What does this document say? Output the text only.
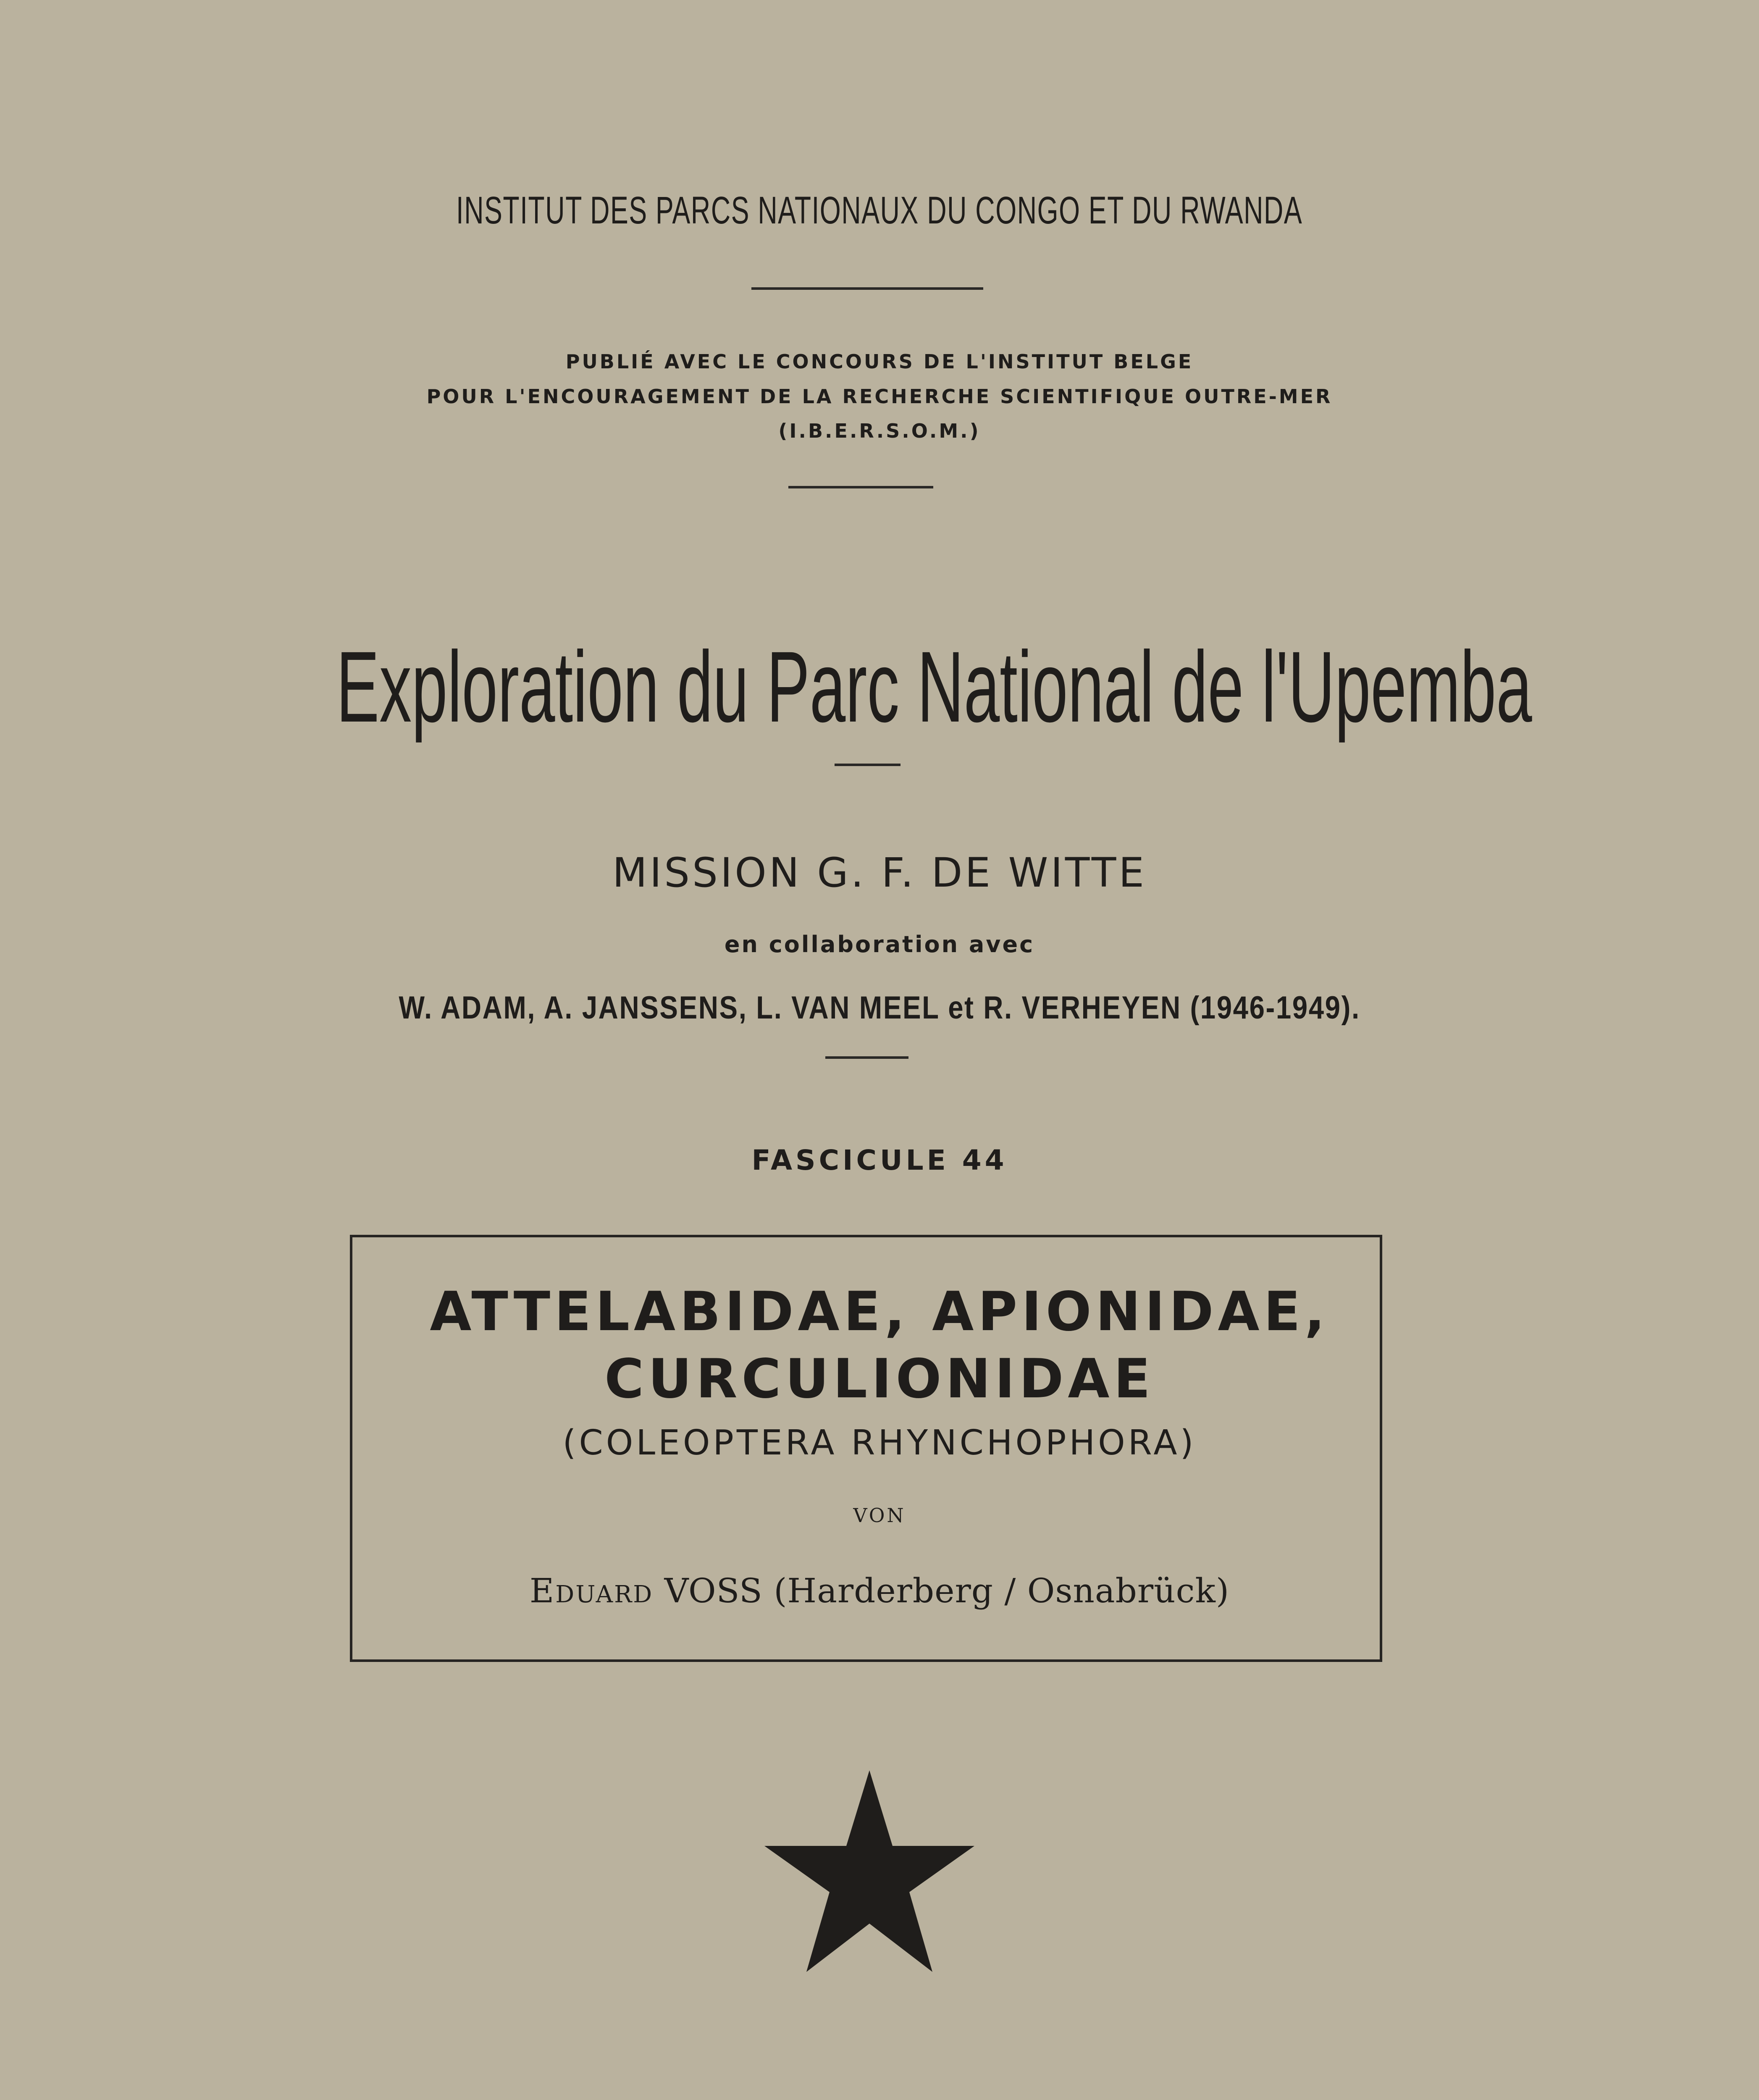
INSTITUT DES PARCS NATIONAUX DU CONGO ET DU RWANDA
PUBLIÉ AVEC LE CONCOURS DE L'INSTITUT BELGE
POUR L'ENCOURAGEMENT DE LA RECHERCHE SCIENTIFIQUE OUTRE-MER
(I.B.E.R.S.O.M.)
Exploration du Parc National de l'Upemba
MISSION G. F. DE WITTE
en collaboration avec
W. ADAM, A. JANSSENS, L. VAN MEEL et R. VERHEYEN (1946-1949).
FASCICULE 44
ATTELABIDAE, APIONIDAE,
CURCULIONIDAE
(COLEOPTERA RHYNCHOPHORA)
VON
Eduard VOSS (Harderberg / Osnabrück)
